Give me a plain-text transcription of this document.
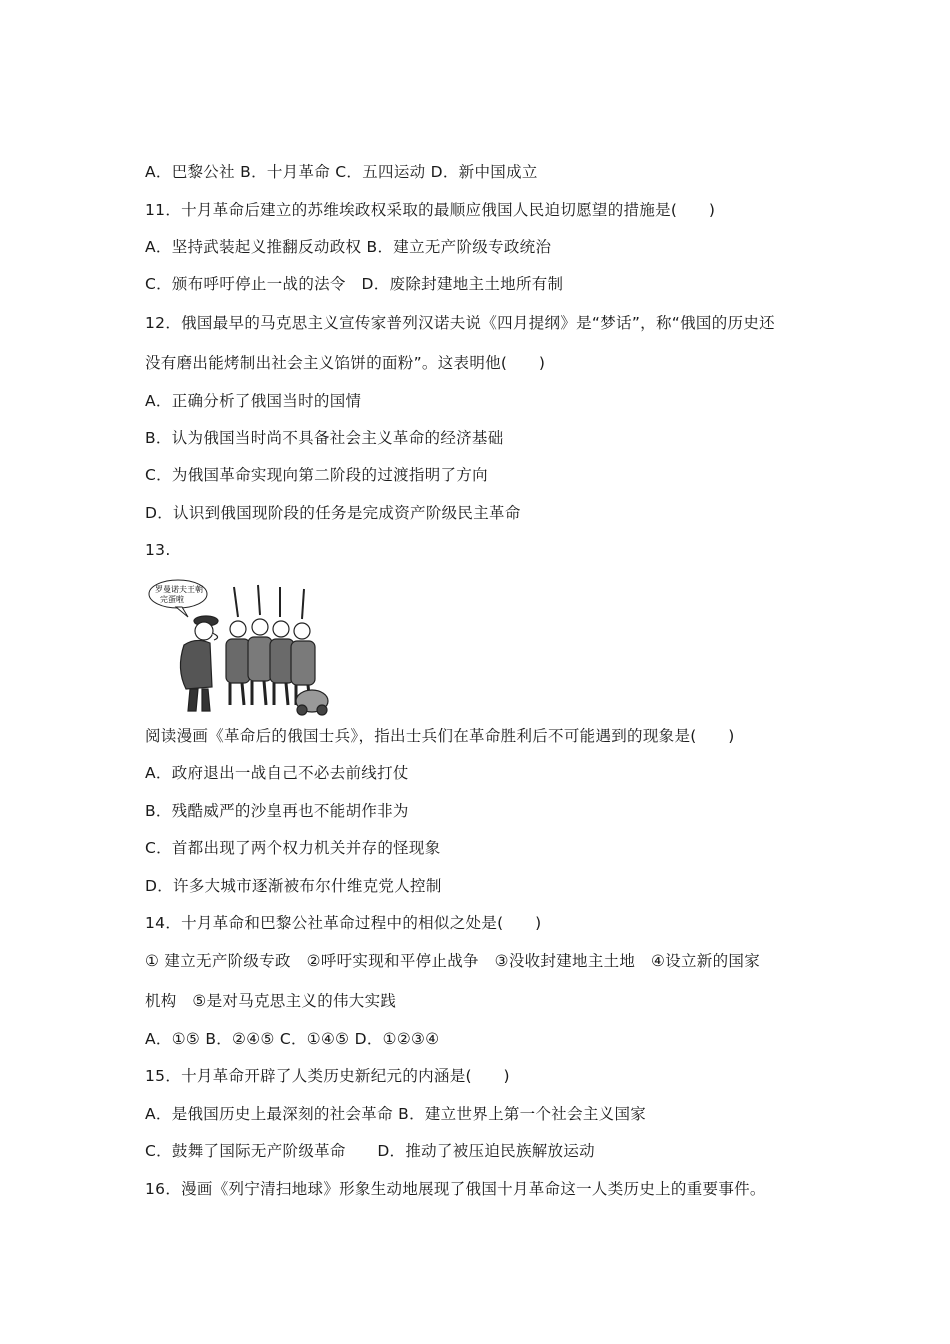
A．巴黎公社 B．十月革命 C．五四运动 D．新中国成立
11．十月革命后建立的苏维埃政权采取的最顺应俄国人民迫切愿望的措施是(　　)
A．坚持武装起义推翻反动政权 B．建立无产阶级专政统治
C．颁布呼吁停止一战的法令　D．废除封建地主土地所有制
12．俄国最早的马克思主义宣传家普列汉诺夫说《四月提纲》是“梦话”，称“俄国的历史还
没有磨出能烤制出社会主义馅饼的面粉”。这表明他(　　)
A．正确分析了俄国当时的国情
B．认为俄国当时尚不具备社会主义革命的经济基础
C．为俄国革命实现向第二阶段的过渡指明了方向
D．认识到俄国现阶段的任务是完成资产阶级民主革命
13.
罗曼诺夫王朝
完蛋啦
阅读漫画《革命后的俄国士兵》，指出士兵们在革命胜利后不可能遇到的现象是(　　)
A．政府退出一战自己不必去前线打仗
B．残酷威严的沙皇再也不能胡作非为
C．首都出现了两个权力机关并存的怪现象
D．许多大城市逐渐被布尔什维克党人控制
14．十月革命和巴黎公社革命过程中的相似之处是(　　)
① 建立无产阶级专政　②呼吁实现和平停止战争　③没收封建地主土地　④设立新的国家
机构　⑤是对马克思主义的伟大实践
A．①⑤ B．②④⑤ C．①④⑤ D．①②③④
15．十月革命开辟了人类历史新纪元的内涵是(　　)
A．是俄国历史上最深刻的社会革命 B．建立世界上第一个社会主义国家
C．鼓舞了国际无产阶级革命　　D．推动了被压迫民族解放运动
16．漫画《列宁清扫地球》形象生动地展现了俄国十月革命这一人类历史上的重要事件。
